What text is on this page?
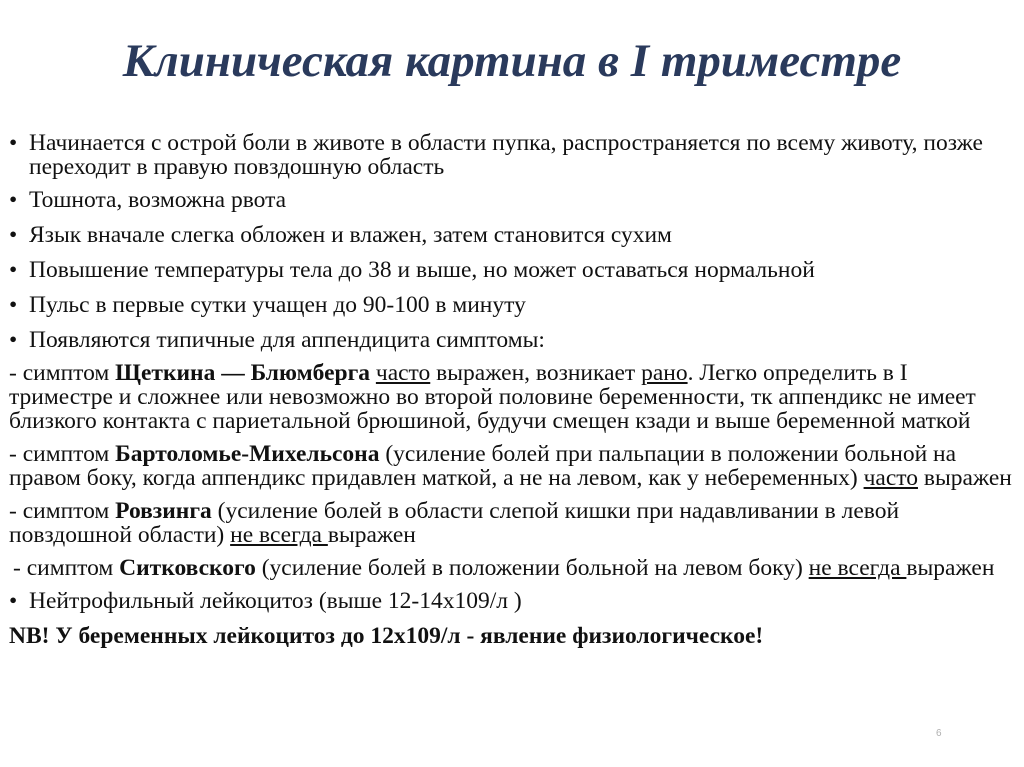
Клиническая картина в I триместре

• Начинается с острой боли в животе в области пупка, распространяется по всему животу, позже переходит в правую повздошную область

• Тошнота, возможна рвота

• Язык вначале слегка обложен и влажен, затем становится сухим

• Повышение температуры тела до 38 и выше, но может оставаться нормальной

• Пульс в первые сутки учащен до 90-100 в минуту

• Появляются типичные для аппендицита симптомы:

- симптом Щеткина — Блюмберга часто выражен, возникает рано. Легко определить в I триместре и сложнее или невозможно во второй половине беременности, тк аппендикс не имеет близкого контакта с париетальной брюшиной, будучи смещен кзади и выше беременной маткой

- симптом Бартоломье-Михельсона (усиление болей при пальпации в положении больной на правом боку, когда аппендикс придавлен маткой, а не на левом, как у небеременных) часто выражен

- симптом Ровзинга (усиление болей в области слепой кишки при надавливании в левой повздошной области) не всегда выражен

- симптом Ситковского (усиление болей в положении больной на левом боку) не всегда выражен

• Нейтрофильный лейкоцитоз (выше 12-14х109/л )

NB! У беременных лейкоцитоз до 12х109/л - явление физиологическое!

6
